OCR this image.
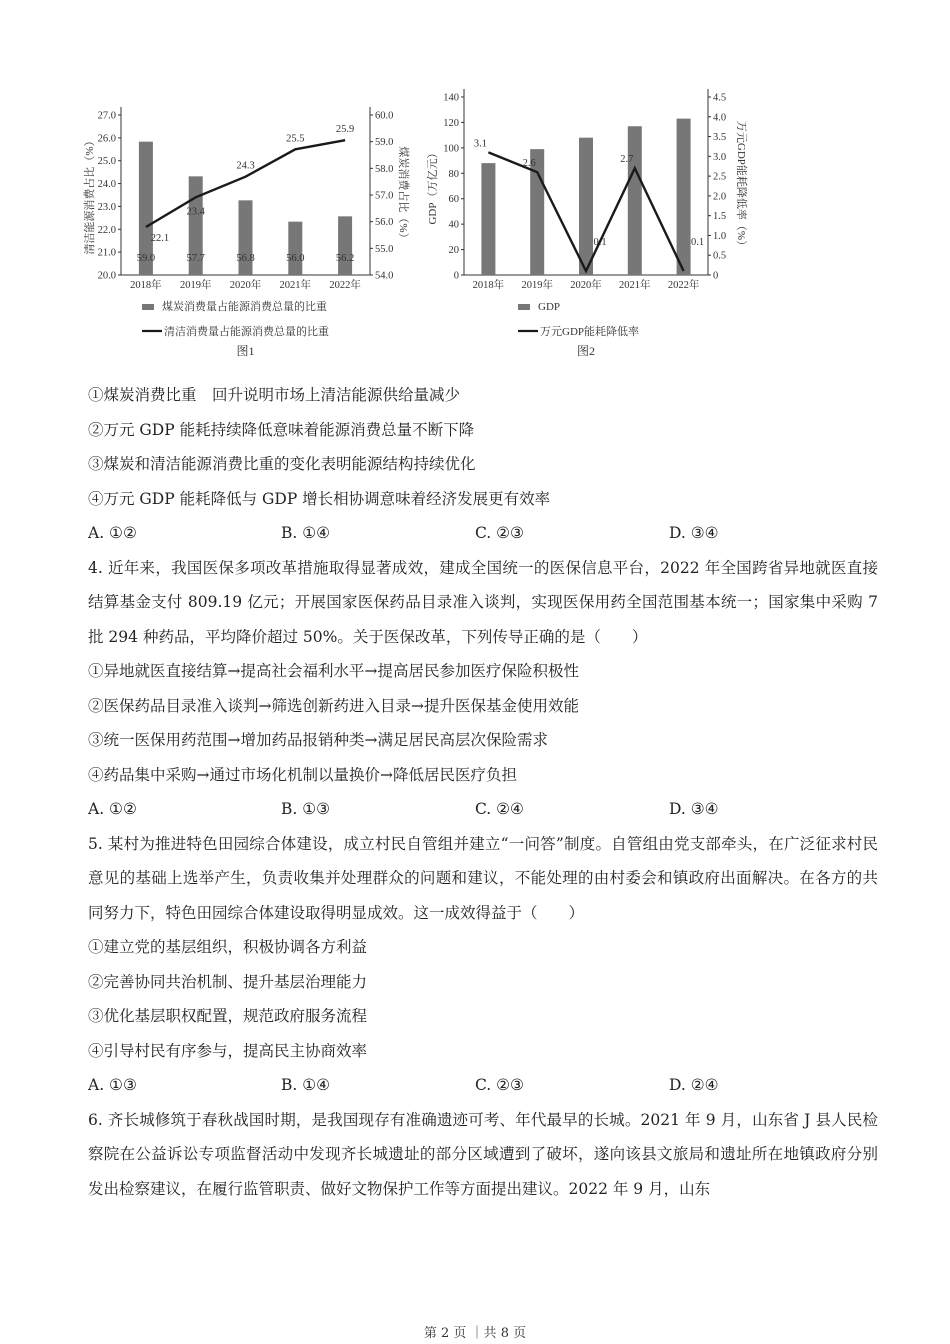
20.0
21.0
22.0
23.0
24.0
25.0
26.0
27.0
54.0
55.0
56.0
57.0
58.0
59.0
60.0
清洁能源消费占比（%）	煤炭消费占比（%）
59.0	57.7	56.8	56.0	56.2
22.1
23.4
24.3
25.5
25.9
2018年 2019年 2020年 2021年 2022年
煤炭消费量占能源消费总量的比重
清洁消费量占能源消费总量的比重
图1
0
20
40
60
80
100
120
140
0
0.5
1.0
1.5
2.0
2.5
3.0
3.5
4.0
4.5
GDP（万亿元）	万元GDP能耗降低率（%）
3.1
2.6
0.1
2.7
0.1
2018年 2019年 2020年 2021年 2022年
GDP
万元GDP能耗降低率
图2
①煤炭消费比重　回升说明市场上清洁能源供给量减少
②万元 GDP 能耗持续降低意味着能源消费总量不断下降
③煤炭和清洁能源消费比重的变化表明能源结构持续优化
④万元 GDP 能耗降低与 GDP 增长相协调意味着经济发展更有效率
A. ①②	B. ①④	C. ②③	D. ③④

4. 近年来，我国医保多项改革措施取得显著成效，建成全国统一的医保信息平台，2022 年全国跨省异地就医直接结算基金支付 809.19 亿元；开展国家医保药品目录准入谈判，实现医保用药全国范围基本统一；国家集中采购 7 批 294 种药品，平均降价超过 50%。关于医保改革，下列传导正确的是（　　）

①异地就医直接结算→提高社会福利水平→提高居民参加医疗保险积极性
②医保药品目录准入谈判→筛选创新药进入目录→提升医保基金使用效能
③统一医保用药范围→增加药品报销种类→满足居民高层次保险需求
④药品集中采购→通过市场化机制以量换价→降低居民医疗负担
A. ①②	B. ①③	C. ②④	D. ③④

5. 某村为推进特色田园综合体建设，成立村民自管组并建立“一问答”制度。自管组由党支部牵头，在广泛征求村民意见的基础上选举产生，负责收集并处理群众的问题和建议，不能处理的由村委会和镇政府出面解决。在各方的共同努力下，特色田园综合体建设取得明显成效。这一成效得益于（　　）

①建立党的基层组织，积极协调各方利益
②完善协同共治机制、提升基层治理能力
③优化基层职权配置，规范政府服务流程
④引导村民有序参与，提高民主协商效率
A. ①③	B. ①④	C. ②③	D. ②④

6. 齐长城修筑于春秋战国时期，是我国现存有准确遗迹可考、年代最早的长城。2021 年 9 月，山东省 J 县人民检察院在公益诉讼专项监督活动中发现齐长城遗址的部分区域遭到了破坏，遂向该县文旅局和遗址所在地镇政府分别发出检察建议，在履行监管职责、做好文物保护工作等方面提出建议。2022 年 9 月，山东

第 2 页 ｜共 8 页
